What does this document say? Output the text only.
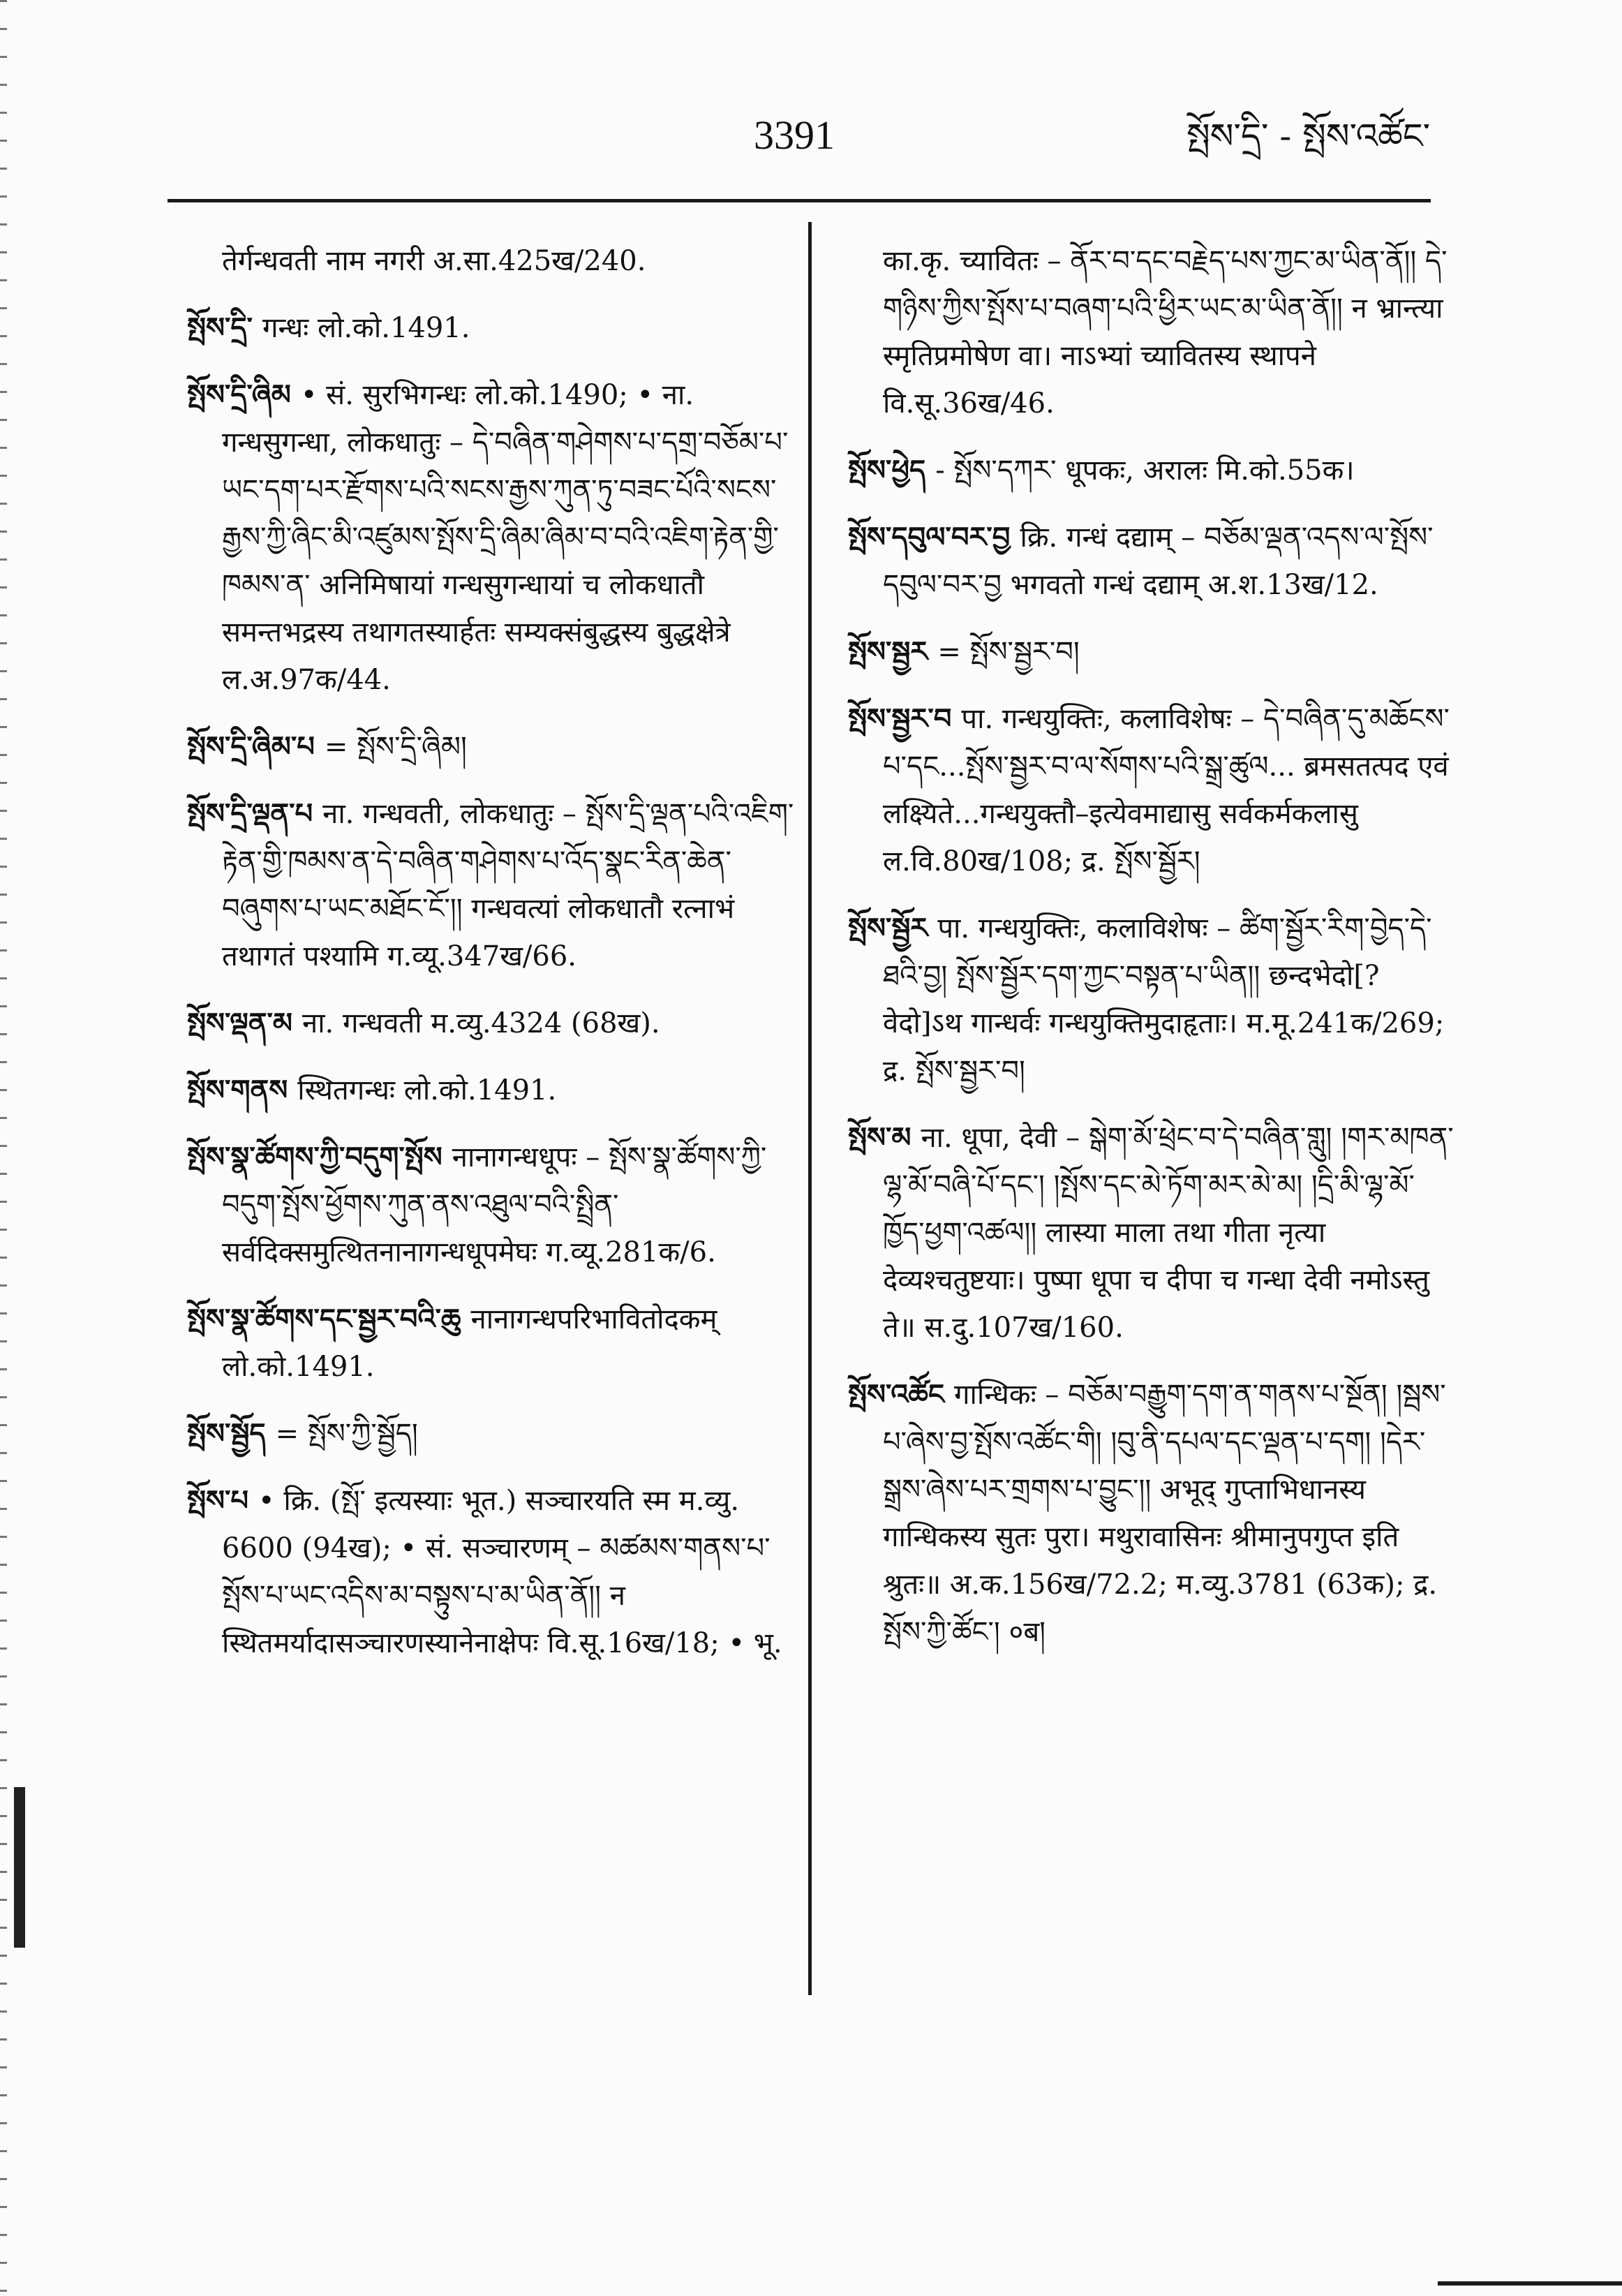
3391	སྤོས་དྲི་ - སྤོས་འཚོང་

तेर्गन्धवती नाम नगरी अ.सा.425ख/240.

སྤོས་དྲི་ गन्धः लो.को.1491.

སྤོས་དྲི་ཞིམ • सं. सुरभिगन्धः लो.को.1490; • ना. गन्धसुगन्धा, लोकधातुः – དེ་བཞིན་གཤེགས་པ་དགྲ་བཅོམ་པ་ཡང་དག་པར་རྫོགས་པའི་སངས་རྒྱས་ཀུན་ཏུ་བཟང་པོའི་སངས་རྒྱས་ཀྱི་ཞིང་མི་འཛུམས་སྤོས་དྲི་ཞིམ་ཞིམ་བ་བའི་འཇིག་རྟེན་གྱི་ཁམས་ན་ अनिमिषायां गन्धसुगन्धायां च लोकधातौ समन्तभद्रस्य तथागतस्यार्हतः सम्यक्संबुद्धस्य बुद्धक्षेत्रे ल.अ.97क/44.

སྤོས་དྲི་ཞིམ་པ = སྤོས་དྲི་ཞིམ།

སྤོས་དྲི་ལྡན་པ ना. गन्धवती, लोकधातुः – སྤོས་དྲི་ལྡན་པའི་འཇིག་རྟེན་གྱི་ཁམས་ན་དེ་བཞིན་གཤེགས་པ་འོད་སྣང་རིན་ཆེན་བཞུགས་པ་ཡང་མཐོང་ངོ་།། गन्धवत्यां लोकधातौ रत्नाभं तथागतं पश्यामि ग.व्यू.347ख/66.

སྤོས་ལྡན་མ ना. गन्धवती म.व्यु.4324 (68ख).

སྤོས་གནས स्थितगन्धः लो.को.1491.

སྤོས་སྣ་ཚོགས་ཀྱི་བདུག་སྤོས नानागन्धधूपः – སྤོས་སྣ་ཚོགས་ཀྱི་བདུག་སྤོས་ཕྱོགས་ཀུན་ནས་འཐུལ་བའི་སྤྲིན་ सर्वदिक्समुत्थितनानागन्धधूपमेघः ग.व्यू.281क/6.

སྤོས་སྣ་ཚོགས་དང་སྦྱར་བའི་ཆུ नानागन्धपरिभावितोदकम् लो.को.1491.

སྤོས་སྦྱོད = སྤོས་ཀྱི་སྦྱོད།

སྤོས་པ • क्रि. (སྤོ་ इत्यस्याः भूत.) सञ्चारयति स्म म.व्यु. 6600 (94ख); • सं. सञ्चारणम् – མཚམས་གནས་པ་སྤོས་པ་ཡང་འདིས་མ་བསྟུས་པ་མ་ཡིན་ནོ།། न स्थितमर्यादासञ्चारणस्यानेनाक्षेपः वि.सू.16ख/18; • भू.

का.कृ. च्यावितः – ནོར་བ་དང་བརྗེད་པས་ཀྱང་མ་ཡིན་ནོ།། དེ་གཉིས་ཀྱིས་སྤོས་པ་བཞག་པའི་ཕྱིར་ཡང་མ་ཡིན་ནོ།། न भ्रान्त्या स्मृतिप्रमोषेण वा। नाऽभ्यां च्यावितस्य स्थापने वि.सू.36ख/46.

སྤོས་ཕྱེད - སྤོས་དཀར་ धूपकः, अरालः मि.को.55क।

སྤོས་དབུལ་བར་བྱ क्रि. गन्धं दद्याम् – བཅོམ་ལྡན་འདས་ལ་སྤོས་དབུལ་བར་བྱ भगवतो गन्धं दद्याम् अ.श.13ख/12.

སྤོས་སྦྱར = སྤོས་སྦྱར་བ།

སྤོས་སྦྱར་བ पा. गन्धयुक्तिः, कलाविशेषः – དེ་བཞིན་དུ་མཆོངས་པ་དང...སྤོས་སྦྱར་བ་ལ་སོགས་པའི་སྒྲ་ཚུལ... ब्रमसतत्पद एवं लक्ष्यिते...गन्धयुक्तौ–इत्येवमाद्यासु सर्वकर्मकलासु ल.वि.80ख/108; द्र. སྤོས་སྦྱོར།

སྤོས་སྦྱོར पा. गन्धयुक्तिः, कलाविशेषः – ཚིག་སྦྱོར་རིག་བྱེད་དེ་ཐའི་བྱ། སྤོས་སྦྱོར་དག་ཀྱང་བསྟན་པ་ཡིན།། छन्दभेदो[?वेदो]ऽथ गान्धर्वः गन्धयुक्तिमुदाहृताः। म.मू.241क/269; द्र. སྤོས་སྦྱར་བ།

སྤོས་མ ना. धूपा, देवी – སྒེག་མོ་ཕྲེང་བ་དེ་བཞིན་གླུ། །གར་མཁན་ལྷ་མོ་བཞི་པོ་དང་། །སྤོས་དང་མེ་ཏོག་མར་མེ་མ། །དྲི་མི་ལྷ་མོ་ཁྱོད་ཕྱག་འཚལ།། लास्या माला तथा गीता नृत्या देव्यश्चतुष्टयाः। पुष्पा धूपा च दीपा च गन्धा देवी नमोऽस्तु ते॥ स.दु.107ख/160.

སྤོས་འཚོང गान्धिकः – བཅོམ་བརྒྱུག་དག་ན་གནས་པ་སྔོན། །སྦས་པ་ཞེས་བྱ་སྤོས་འཚོང་གི། །བུ་ནི་དཔལ་དང་ལྡན་པ་དག། །དེར་སྒྲས་ཞེས་པར་གྲགས་པ་བྱུང་།། अभूद् गुप्ताभिधानस्य गान्धिकस्य सुतः पुरा। मथुरावासिनः श्रीमानुपगुप्त इति श्रुतः॥ अ.क.156ख/72.2; म.व्यु.3781 (63क); द्र. སྤོས་ཀྱི་ཚོང་། ०ब།
